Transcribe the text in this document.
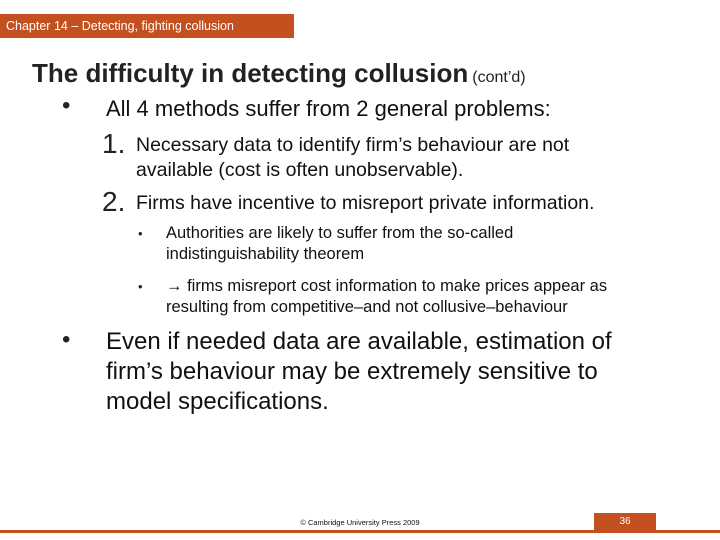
Chapter 14 – Detecting, fighting collusion
The difficulty in detecting collusion (cont’d)
• All 4 methods suffer from 2 general problems:
1. Necessary data to identify firm’s behaviour are not
available (cost is often unobservable).
2. Firms have incentive to misreport private information.
• Authorities are likely to suffer from the so-called
indistinguishability theorem
• → firms misreport cost information to make prices appear as
resulting from competitive–and not collusive–behaviour
• Even if needed data are available, estimation of
firm’s behaviour may be extremely sensitive to
model specifications.
© Cambridge University Press 2009	36
